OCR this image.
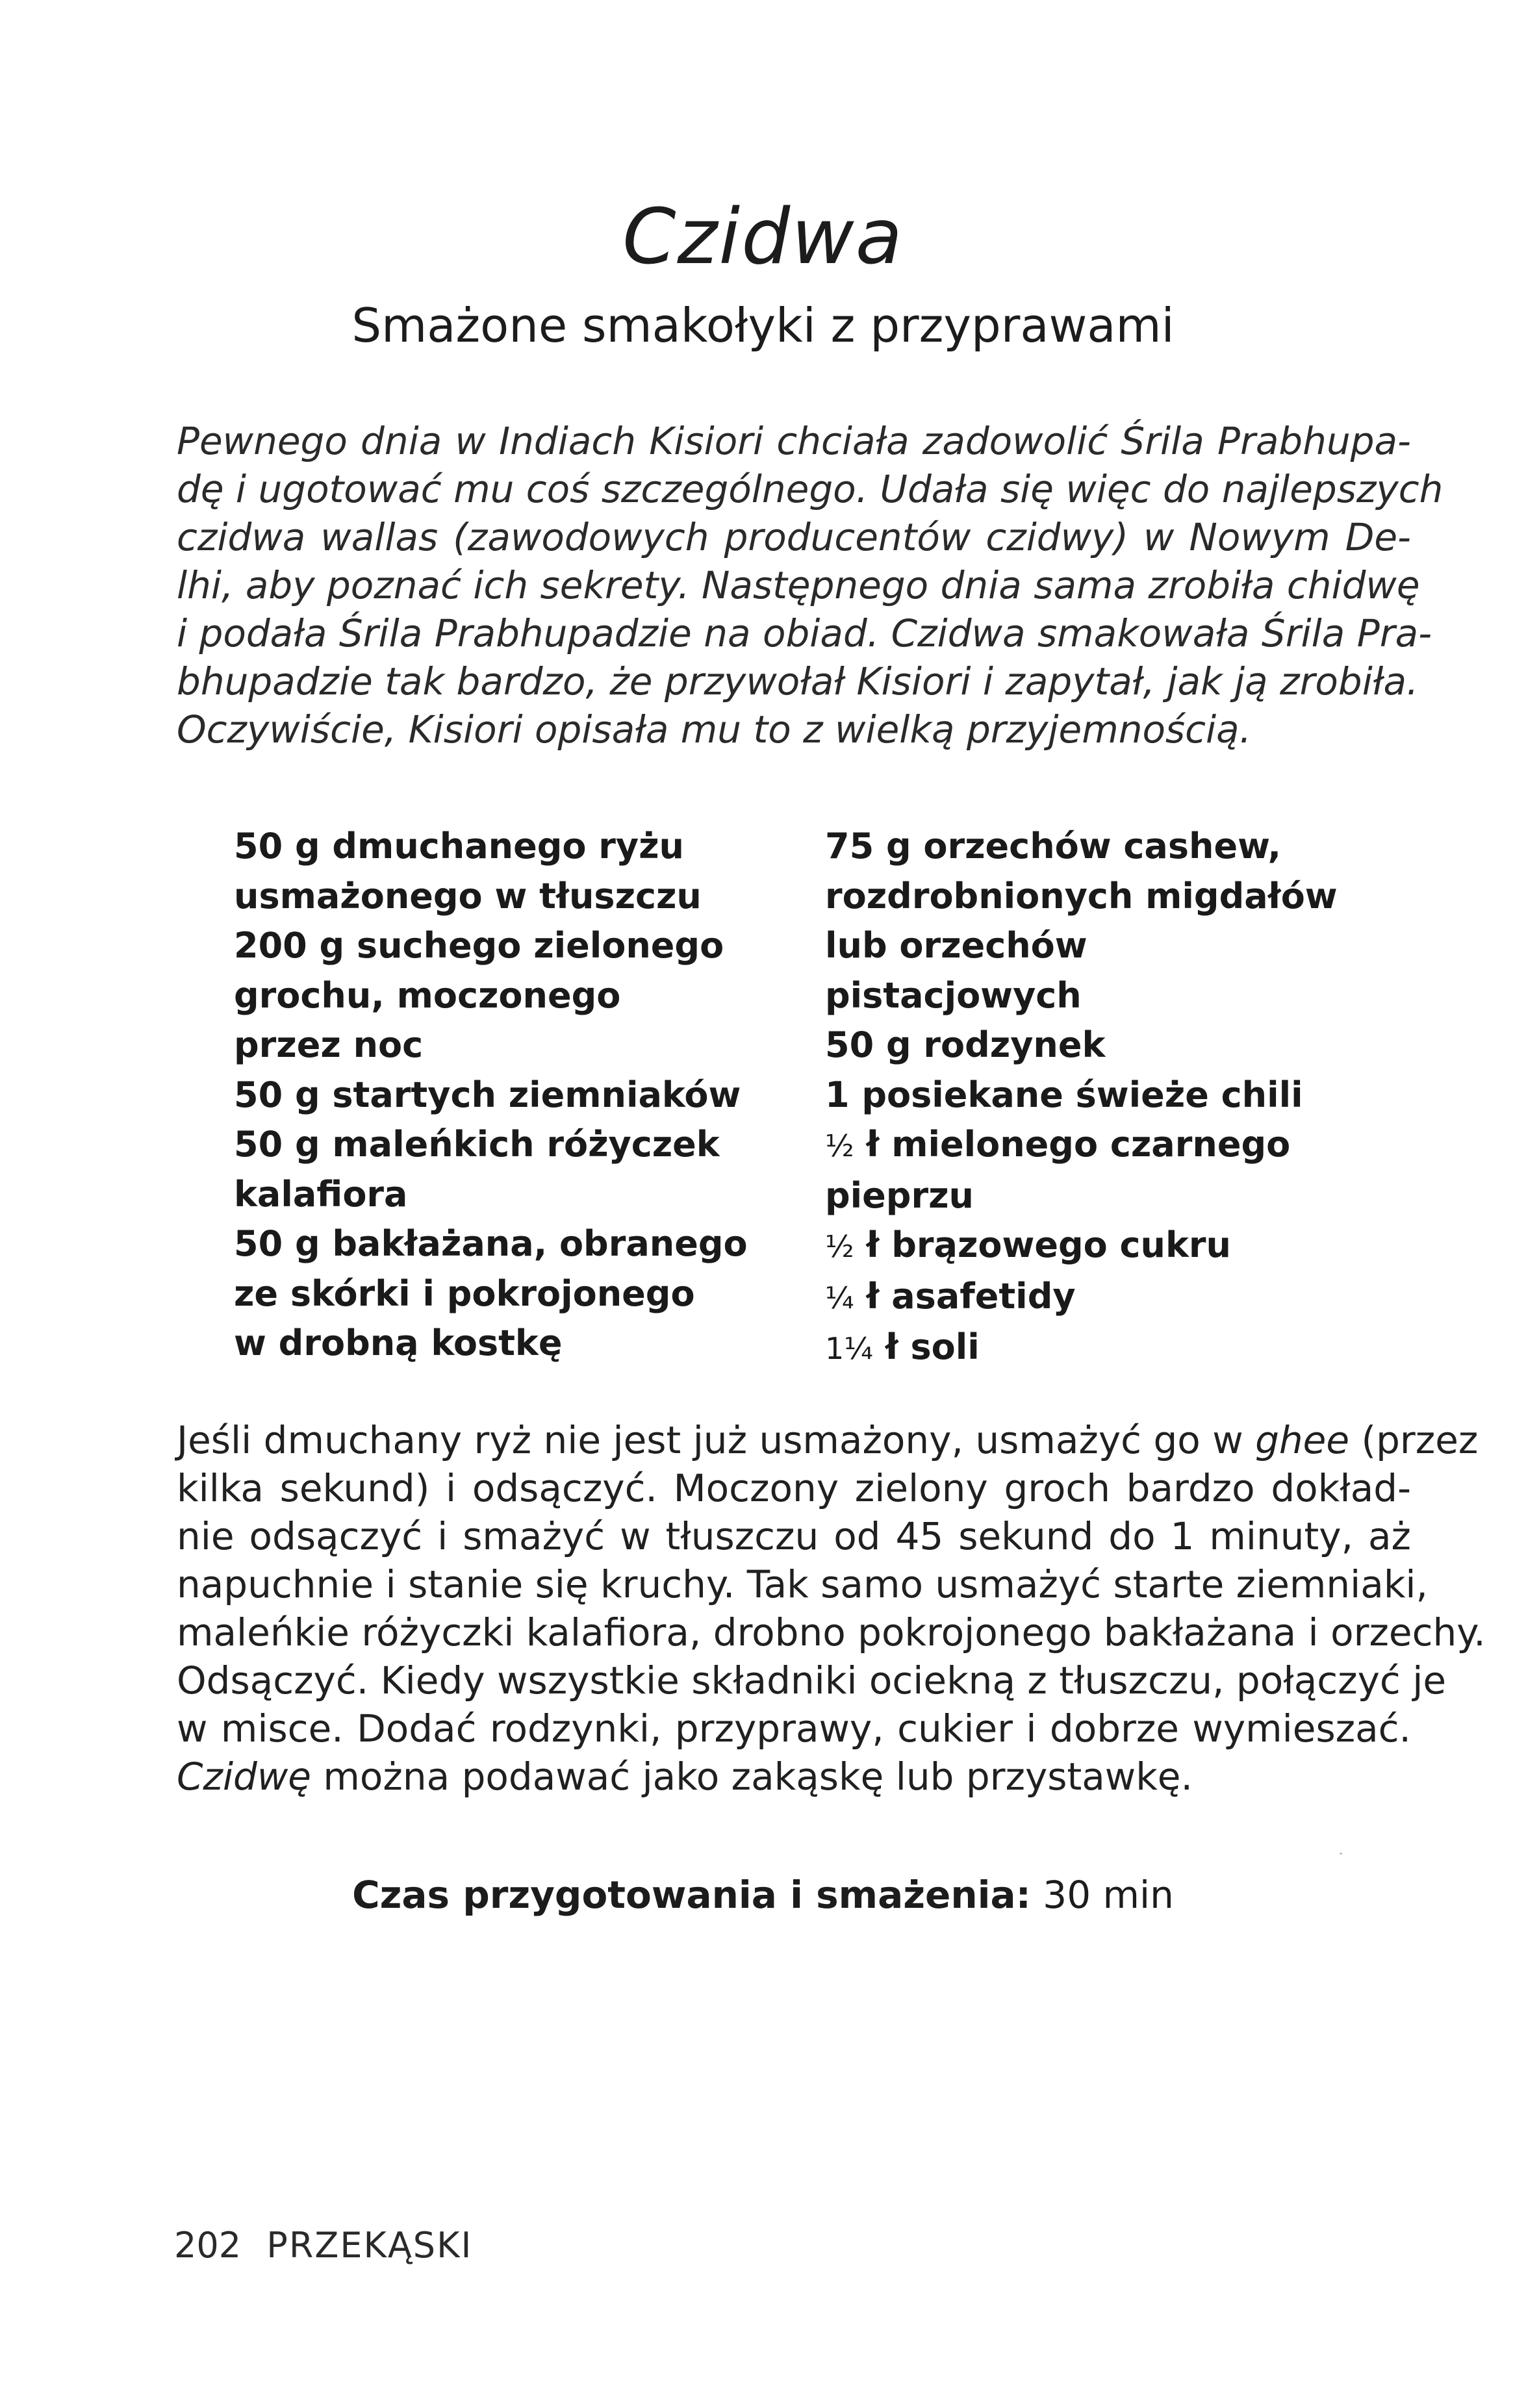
Czidwa
Smażone smakołyki z przyprawami
Pewnego dnia w Indiach Kisiori chciała zadowolić Śrila Prabhupa-
dę i ugotować mu coś szczególnego. Udała się więc do najlepszych
czidwa wallas (zawodowych producentów czidwy) w Nowym De-
lhi, aby poznać ich sekrety. Następnego dnia sama zrobiła chidwę
i podała Śrila Prabhupadzie na obiad. Czidwa smakowała Śrila Pra-
bhupadzie tak bardzo, że przywołał Kisiori i zapytał, jak ją zrobiła.
Oczywiście, Kisiori opisała mu to z wielką przyjemnością.
50 g dmuchanego ryżu
usmażonego w tłuszczu
200 g suchego zielonego
grochu, moczonego
przez noc
50 g startych ziemniaków
50 g maleńkich różyczek
kalafiora
50 g bakłażana, obranego
ze skórki i pokrojonego
w drobną kostkę
75 g orzechów cashew,
rozdrobnionych migdałów
lub orzechów
pistacjowych
50 g rodzynek
1 posiekane świeże chili
½ ł mielonego czarnego
pieprzu
½ ł brązowego cukru
¼ ł asafetidy
1¼ ł soli
Jeśli dmuchany ryż nie jest już usmażony, usmażyć go w ghee (przez
kilka sekund) i odsączyć. Moczony zielony groch bardzo dokład-
nie odsączyć i smażyć w tłuszczu od 45 sekund do 1 minuty, aż
napuchnie i stanie się kruchy. Tak samo usmażyć starte ziemniaki,
maleńkie różyczki kalafiora, drobno pokrojonego bakłażana i orzechy.
Odsączyć. Kiedy wszystkie składniki ociekną z tłuszczu, połączyć je
w misce. Dodać rodzynki, przyprawy, cukier i dobrze wymieszać.
Czidwę można podawać jako zakąskę lub przystawkę.
Czas przygotowania i smażenia: 30 min
202 PRZEKĄSKI
